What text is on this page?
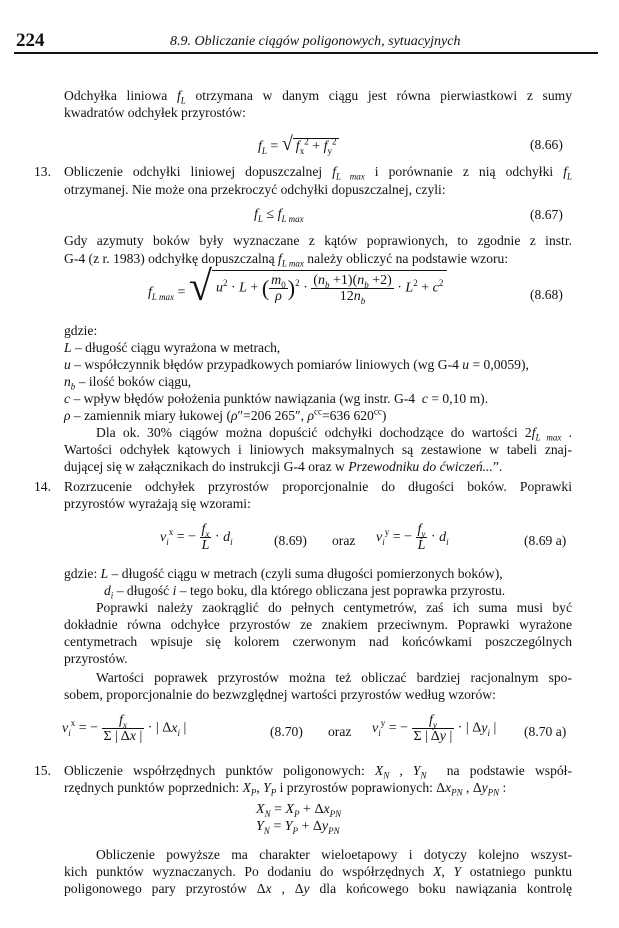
224	8.9. Obliczanie ciągów poligonowych, sytuacyjnych
Odchyłka liniowa $f_L$ otrzymana w danym ciągu jest równa pierwiastkowi z sumy
kwadratów odchyłek przyrostów:
$f_L$ = √ $f_x^2 + f_y^2$	(8.66)
13. Obliczenie odchyłki liniowej dopuszczalnej $f_{L max}$ i porównanie z nią odchyłki $f_L$
otrzymanej. Nie może ona przekroczyć odchyłki dopuszczalnej, czyli:
$f_L \le f_{L max}$	(8.67)
Gdy azymuty boków były wyznaczane z kątów poprawionych, to zgodnie z instr.
G-4 (z r. 1983) odchyłkę dopuszczalną $f_{L max}$ należy obliczyć na podstawie wzoru:
$f_{L max}$ = √ $u^2 \cdot L$ + ( $\frac{m_0}{\rho} )^2 \cdot \frac{(n_b +1)(n_b +2)}{12n_b} \cdot L^2 + c^2$
(8.68)
gdzie:
L – długość ciągu wyrażona w metrach,
u – współczynnik błędów przypadkowych pomiarów liniowych (wg G-4 u = 0,0059),
$n_b$ – ilość boków ciągu,
c – wpływ błędów położenia punktów nawiązania (wg instr. G-4  c = 0,10 m).
ρ – zamiennik miary łukowej (ρ″=206 265″, $\rho^{cc}=636$ $620^{cc}$)
Dla ok. 30% ciągów można dopuścić odchyłki dochodzące do wartości $2f_{L max}$ .
Wartości odchyłek kątowych i liniowych maksymalnych są zestawione w tabeli znaj-
dującej się w załącznikach do instrukcji G-4 oraz w Przewodniku do ćwiczeń...”.
14. Rozrzucenie odchyłek przyrostów proporcjonalnie do długości boków. Poprawki
przyrostów wyrażają się wzorami:
$v_i^x$ = − $\frac{f_x}{L} \cdot d_i$	(8.69) oraz $v_i^y$ = − $\frac{f_y}{L} \cdot d_i$	(8.69 a)
gdzie: L – długość ciągu w metrach (czyli suma długości pomierzonych boków),
$d_i$ – długość i – tego boku, dla którego obliczana jest poprawka przyrostu.
Poprawki należy zaokrąglić do pełnych centymetrów, zaś ich suma musi być
dokładnie równa odchyłce przyrostów ze znakiem przeciwnym. Poprawki wyrażone
centymetrach wpisuje się kolorem czerwonym nad końcówkami poszczególnych
przyrostów.
Wartości poprawek przyrostów można też obliczać bardziej racjonalnym spo-
sobem, proporcjonalnie do bezwzględnej wartości przyrostów według wzorów:
$v_i^x$ = − $\frac{f_x}{\Sigma | \Delta x |}$ · | $\Delta x_i$ |	(8.70) oraz $v_i^y$ = − $\frac{f_y}{\Sigma | \Delta y |}$ · | $\Delta y_i$ | (8.70 a)
15. Obliczenie współrzędnych punktów poligonowych: $X_N$ , $Y_N$  na podstawie współ-
rzędnych punktów poprzednich: $X_P$, $Y_P$ i przyrostów poprawionych: $\Delta x_{PN}$ , $\Delta y_{PN}$ :
$X_N = X_P + \Delta x_{PN}$
$Y_N = Y_P + \Delta y_{PN}$
Obliczenie powyższe ma charakter wieloetapowy i dotyczy kolejno wszyst-
kich punktów wyznaczanych. Po dodaniu do współrzędnych X, Y ostatniego punktu
poligonowego pary przyrostów Δx , Δy dla końcowego boku nawiązania kontrolę
